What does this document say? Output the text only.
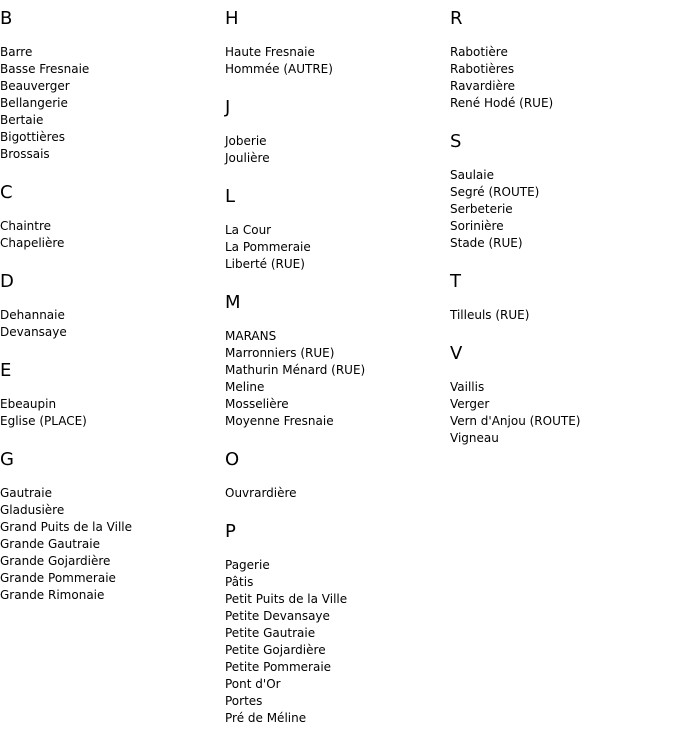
B
Barre
Basse Fresnaie
Beauverger
Bellangerie
Bertaie
Bigottières
Brossais
C
Chaintre
Chapelière
D
Dehannaie
Devansaye
E
Ebeaupin
Eglise (PLACE)
G
Gautraie
Gladusière
Grand Puits de la Ville
Grande Gautraie
Grande Gojardière
Grande Pommeraie
Grande Rimonaie
H
Haute Fresnaie
Hommée (AUTRE)
J
Joberie
Joulière
L
La Cour
La Pommeraie
Liberté (RUE)
M
MARANS
Marronniers (RUE)
Mathurin Ménard (RUE)
Meline
Mosselière
Moyenne Fresnaie
O
Ouvrardière
P
Pagerie
Pâtis
Petit Puits de la Ville
Petite Devansaye
Petite Gautraie
Petite Gojardière
Petite Pommeraie
Pont d'Or
Portes
Pré de Méline
R
Rabotière
Rabotières
Ravardière
René Hodé (RUE)
S
Saulaie
Segré (ROUTE)
Serbeterie
Sorinière
Stade (RUE)
T
Tilleuls (RUE)
V
Vaillis
Verger
Vern d'Anjou (ROUTE)
Vigneau
